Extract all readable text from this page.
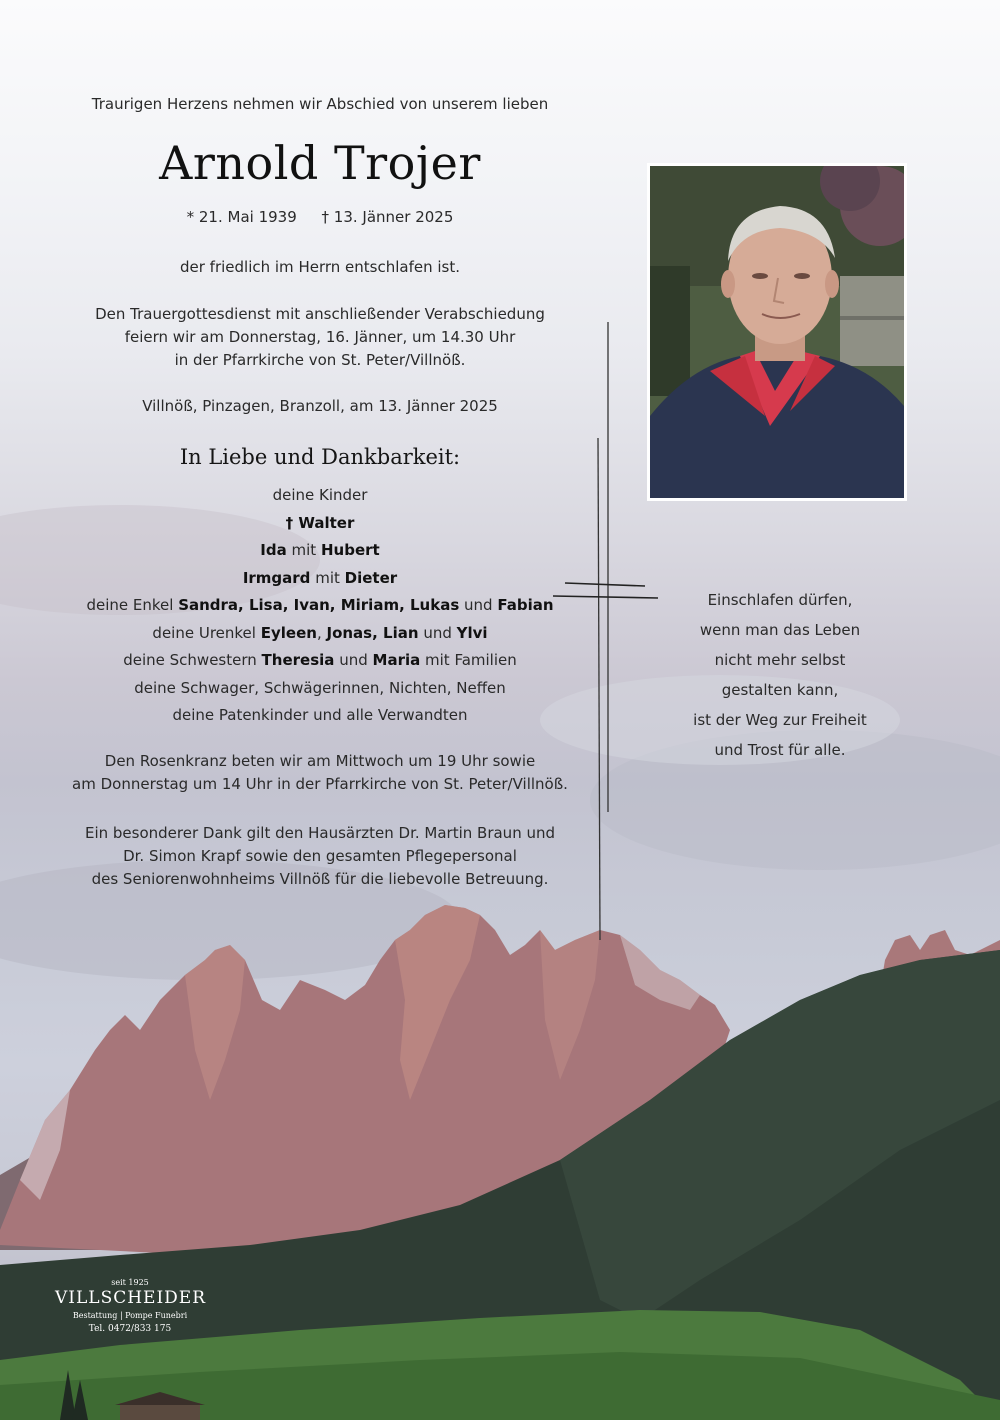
Traurigen Herzens nehmen wir Abschied von unserem lieben
Arnold Trojer
* 21. Mai 1939 † 13. Jänner 2025
der friedlich im Herrn entschlafen ist.
Den Trauergottesdienst mit anschließender Verabschiedung
feiern wir am Donnerstag, 16. Jänner, um 14.30 Uhr
in der Pfarrkirche von St. Peter/Villnöß.
Villnöß, Pinzagen, Branzoll, am 13. Jänner 2025
In Liebe und Dankbarkeit:
deine Kinder
† Walter
Ida mit Hubert
Irmgard mit Dieter
deine Enkel Sandra, Lisa, Ivan, Miriam, Lukas und Fabian
deine Urenkel Eyleen, Jonas, Lian und Ylvi
deine Schwestern Theresia und Maria mit Familien
deine Schwager, Schwägerinnen, Nichten, Neffen
deine Patenkinder und alle Verwandten
Den Rosenkranz beten wir am Mittwoch um 19 Uhr sowie
am Donnerstag um 14 Uhr in der Pfarrkirche von St. Peter/Villnöß.
Ein besonderer Dank gilt den Hausärzten Dr. Martin Braun und
Dr. Simon Krapf sowie den gesamten Pflegepersonal
des Seniorenwohnheims Villnöß für die liebevolle Betreuung.
Einschlafen dürfen,
wenn man das Leben
nicht mehr selbst
gestalten kann,
ist der Weg zur Freiheit
und Trost für alle.
seit 1925
VILLSCHEIDER
Bestattung | Pompe Funebri
Tel. 0472/833 175
